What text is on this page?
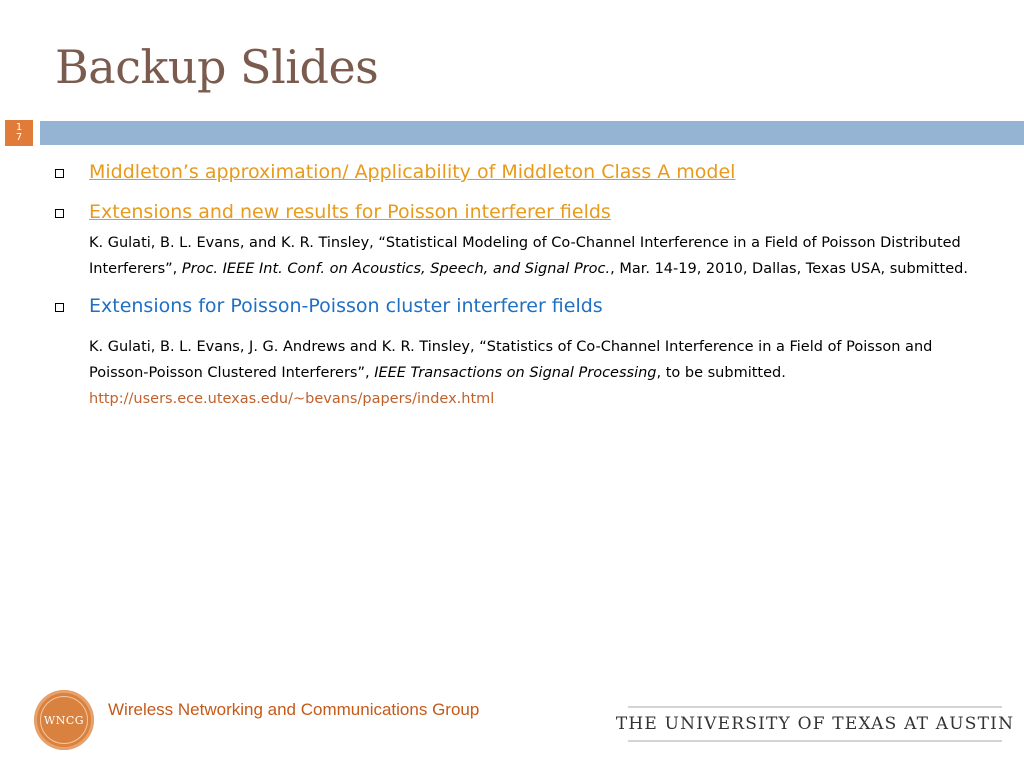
Backup Slides
1
7
Middleton’s approximation/ Applicability of Middleton Class A model
Extensions and new results for Poisson interferer fields
K. Gulati, B. L. Evans, and K. R. Tinsley, “Statistical Modeling of Co-Channel Interference in a Field of Poisson Distributed Interferers”, Proc. IEEE Int. Conf. on Acoustics, Speech, and Signal Proc., Mar. 14-19, 2010, Dallas, Texas USA, submitted.
Extensions for Poisson-Poisson cluster interferer fields
K. Gulati, B. L. Evans, J. G. Andrews and K. R. Tinsley, “Statistics of Co-Channel Interference in a Field of Poisson and Poisson-Poisson Clustered Interferers”, IEEE Transactions on Signal Processing, to be submitted.
http://users.ece.utexas.edu/~bevans/papers/index.html
WNCG
Wireless Networking and Communications Group
THE UNIVERSITY OF TEXAS AT AUSTIN
